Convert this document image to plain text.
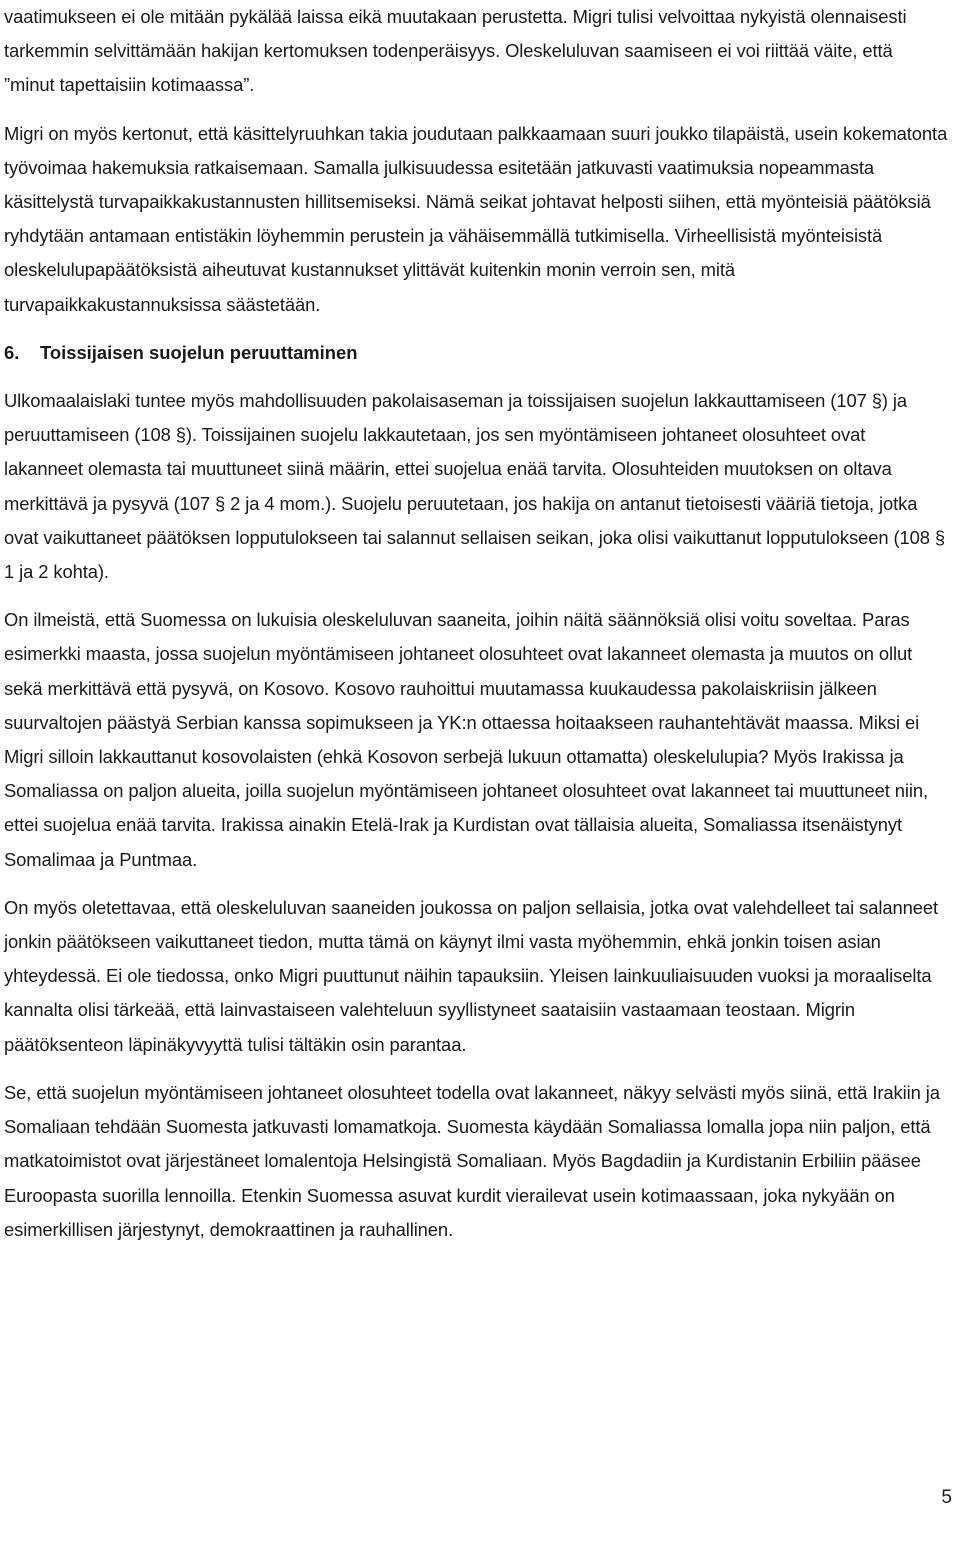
vaatimukseen ei ole mitään pykälää laissa eikä muutakaan perustetta. Migri tulisi velvoittaa nykyistä olennaisesti tarkemmin selvittämään hakijan kertomuksen todenperäisyys. Oleskeluluvan saamiseen ei voi riittää väite, että ”minut tapettaisiin kotimaassa”.

Migri on myös kertonut, että käsittelyruuhkan takia joudutaan palkkaamaan suuri joukko tilapäistä, usein kokematonta työvoimaa hakemuksia ratkaisemaan. Samalla julkisuudessa esitetään jatkuvasti vaatimuksia nopeammasta käsittelystä turvapaikkakustannusten hillitsemiseksi. Nämä seikat johtavat helposti siihen, että myönteisiä päätöksiä ryhdytään antamaan entistäkin löyhemmin perustein ja vähäisemmällä tutkimisella. Virheellisistä myönteisistä oleskelulupapäätöksistä aiheutuvat kustannukset ylittävät kuitenkin monin verroin sen, mitä turvapaikkakustannuksissa säästetään.

6. Toissijaisen suojelun peruuttaminen

Ulkomaalaislaki tuntee myös mahdollisuuden pakolaisaseman ja toissijaisen suojelun lakkauttamiseen (107 §) ja peruuttamiseen (108 §). Toissijainen suojelu lakkautetaan, jos sen myöntämiseen johtaneet olosuhteet ovat lakanneet olemasta tai muuttuneet siinä määrin, ettei suojelua enää tarvita. Olosuhteiden muutoksen on oltava merkittävä ja pysyvä (107 § 2 ja 4 mom.). Suojelu peruutetaan, jos hakija on antanut tietoisesti vääriä tietoja, jotka ovat vaikuttaneet päätöksen lopputulokseen tai salannut sellaisen seikan, joka olisi vaikuttanut lopputulokseen (108 § 1 ja 2 kohta).

On ilmeistä, että Suomessa on lukuisia oleskeluluvan saaneita, joihin näitä säännöksiä olisi voitu soveltaa. Paras esimerkki maasta, jossa suojelun myöntämiseen johtaneet olosuhteet ovat lakanneet olemasta ja muutos on ollut sekä merkittävä että pysyvä, on Kosovo. Kosovo rauhoittui muutamassa kuukaudessa pakolaiskriisin jälkeen suurvaltojen päästyä Serbian kanssa sopimukseen ja YK:n ottaessa hoitaakseen rauhantehtävät maassa. Miksi ei Migri silloin lakkauttanut kosovolaisten (ehkä Kosovon serbejä lukuun ottamatta) oleskelulupia? Myös Irakissa ja Somaliassa on paljon alueita, joilla suojelun myöntämiseen johtaneet olosuhteet ovat lakanneet tai muuttuneet niin, ettei suojelua enää tarvita. Irakissa ainakin Etelä-Irak ja Kurdistan ovat tällaisia alueita, Somaliassa itsenäistynyt Somalimaa ja Puntmaa.

On myös oletettavaa, että oleskeluluvan saaneiden joukossa on paljon sellaisia, jotka ovat valehdelleet tai salanneet jonkin päätökseen vaikuttaneet tiedon, mutta tämä on käynyt ilmi vasta myöhemmin, ehkä jonkin toisen asian yhteydessä. Ei ole tiedossa, onko Migri puuttunut näihin tapauksiin. Yleisen lainkuuliaisuuden vuoksi ja moraaliselta kannalta olisi tärkeää, että lainvastaiseen valehteluun syyllistyneet saataisiin vastaamaan teostaan. Migrin päätöksenteon läpinäkyvyyttä tulisi tältäkin osin parantaa.

Se, että suojelun myöntämiseen johtaneet olosuhteet todella ovat lakanneet, näkyy selvästi myös siinä, että Irakiin ja Somaliaan tehdään Suomesta jatkuvasti lomamatkoja. Suomesta käydään Somaliassa lomalla jopa niin paljon, että matkatoimistot ovat järjestäneet lomalentoja Helsingistä Somaliaan. Myös Bagdadiin ja Kurdistanin Erbiliin pääsee Euroopasta suorilla lennoilla. Etenkin Suomessa asuvat kurdit vierailevat usein kotimaassaan, joka nykyään on esimerkillisen järjestynyt, demokraattinen ja rauhallinen.

5
